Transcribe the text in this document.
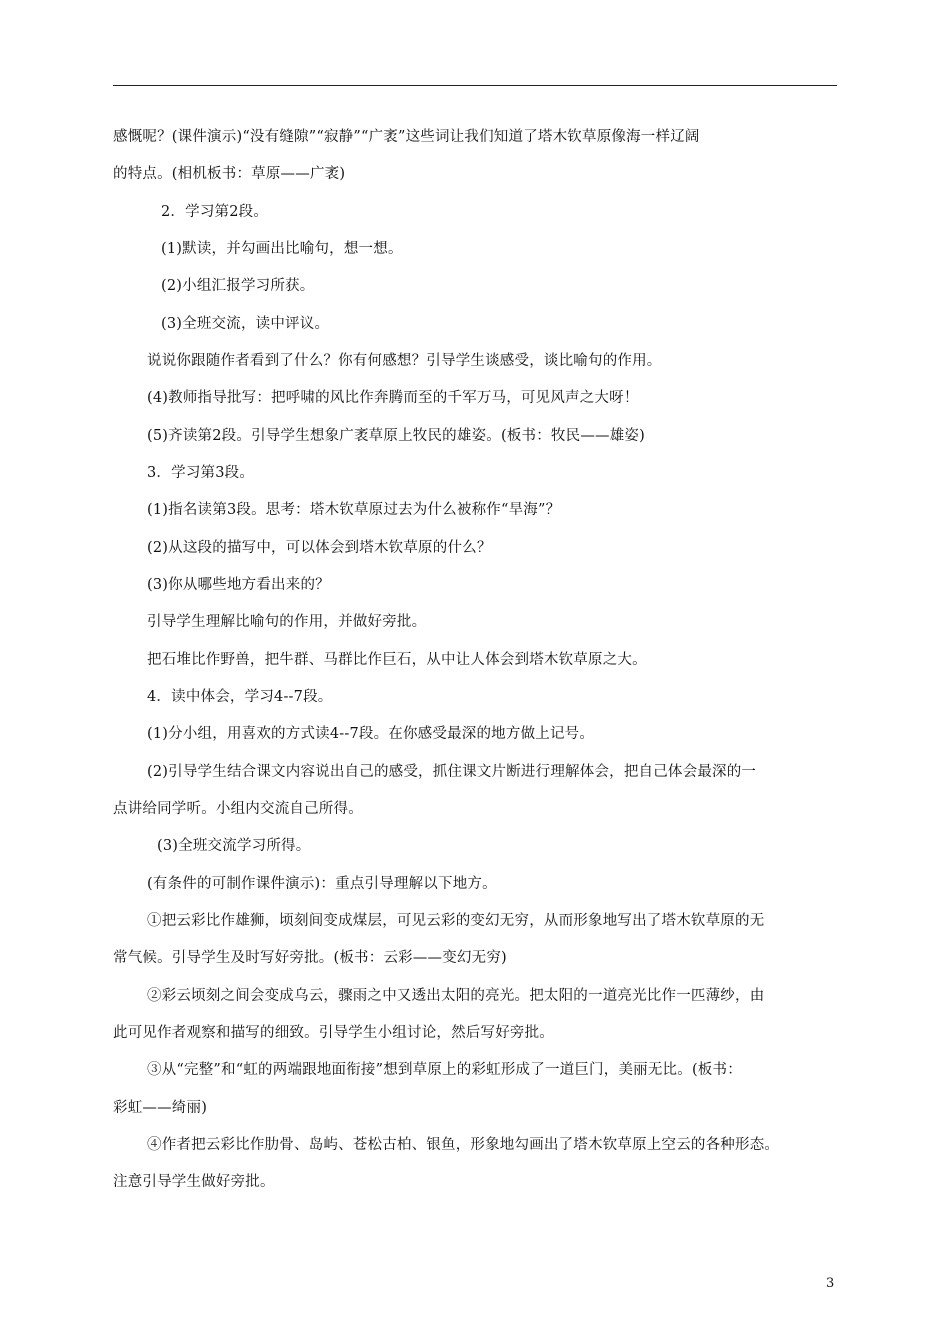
感慨呢？(课件演示)“没有缝隙”“寂静”“广袤”这些词让我们知道了塔木钦草原像海一样辽阔
的特点。(相机板书：草原——广袤)
2．学习第2段。
(1)默读，并勾画出比喻句，想一想。
(2)小组汇报学习所获。
(3)全班交流，读中评议。
说说你跟随作者看到了什么？你有何感想？引导学生谈感受，谈比喻句的作用。
(4)教师指导批写：把呼啸的风比作奔腾而至的千军万马，可见风声之大呀！
(5)齐读第2段。引导学生想象广袤草原上牧民的雄姿。(板书：牧民——雄姿)
3．学习第3段。
(1)指名读第3段。思考：塔木钦草原过去为什么被称作“旱海”？
(2)从这段的描写中，可以体会到塔木钦草原的什么？
(3)你从哪些地方看出来的？
引导学生理解比喻句的作用，并做好旁批。
把石堆比作野兽，把牛群、马群比作巨石，从中让人体会到塔木钦草原之大。
4．读中体会，学习4--7段。
(1)分小组，用喜欢的方式读4--7段。在你感受最深的地方做上记号。
(2)引导学生结合课文内容说出自己的感受，抓住课文片断进行理解体会，把自己体会最深的一
点讲给同学听。小组内交流自己所得。
(3)全班交流学习所得。
(有条件的可制作课件演示)：重点引导理解以下地方。
①把云彩比作雄狮，顷刻间变成煤层，可见云彩的变幻无穷，从而形象地写出了塔木钦草原的无
常气候。引导学生及时写好旁批。(板书：云彩——变幻无穷)
②彩云顷刻之间会变成乌云，骤雨之中又透出太阳的亮光。把太阳的一道亮光比作一匹薄纱，由
此可见作者观察和描写的细致。引导学生小组讨论，然后写好旁批。
③从“完整”和“虹的两端跟地面衔接”想到草原上的彩虹形成了一道巨门，美丽无比。(板书：
彩虹——绮丽)
④作者把云彩比作肋骨、岛屿、苍松古柏、银鱼，形象地勾画出了塔木钦草原上空云的各种形态。
注意引导学生做好旁批。
3
